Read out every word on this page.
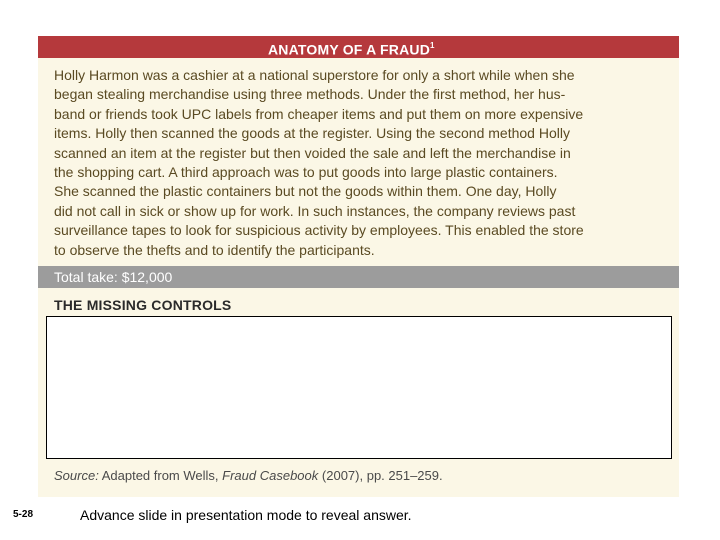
ANATOMY OF A FRAUD$^1$

Holly Harmon was a cashier at a national superstore for only a short while when she
began stealing merchandise using three methods. Under the first method, her hus-
band or friends took UPC labels from cheaper items and put them on more expensive
items. Holly then scanned the goods at the register. Using the second method Holly
scanned an item at the register but then voided the sale and left the merchandise in
the shopping cart. A third approach was to put goods into large plastic containers.
She scanned the plastic containers but not the goods within them. One day, Holly
did not call in sick or show up for work. In such instances, the company reviews past
surveillance tapes to look for suspicious activity by employees. This enabled the store
to observe the thefts and to identify the participants.

Total take: $12,000
THE MISSING CONTROLS
Source: Adapted from Wells, Fraud Casebook (2007), pp. 251–259.
5-28	Advance slide in presentation mode to reveal answer.
